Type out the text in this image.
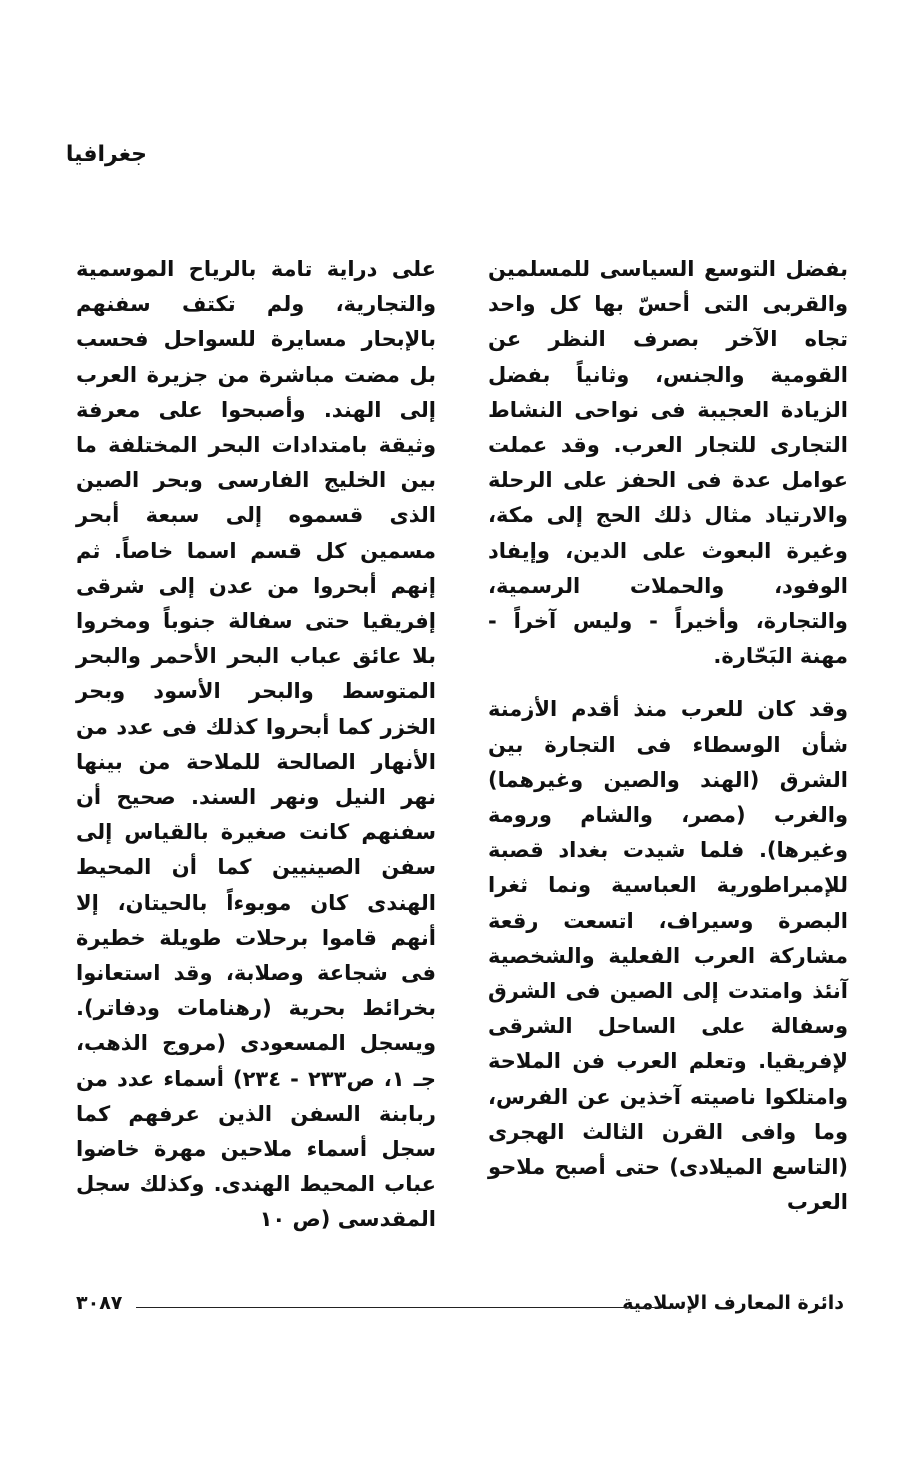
جغرافيا

بفضل التوسع السياسى للمسلمين والقربى التى أحسّ بها كل واحد تجاه الآخر بصرف النظر عن القومية والجنس، وثانياً بفضل الزيادة العجيبة فى نواحى النشاط التجارى للتجار العرب. وقد عملت عوامل عدة فى الحفز على الرحلة والارتياد مثال ذلك الحج إلى مكة، وغيرة البعوث على الدين، وإيفاد الوفود، والحملات الرسمية، والتجارة، وأخيراً - وليس آخراً - مهنة البَحّارة.

وقد كان للعرب منذ أقدم الأزمنة شأن الوسطاء فى التجارة بين الشرق (الهند والصين وغيرهما) والغرب (مصر، والشام ورومة وغيرها). فلما شيدت بغداد قصبة للإمبراطورية العباسية ونما ثغرا البصرة وسيراف، اتسعت رقعة مشاركة العرب الفعلية والشخصية آنئذ وامتدت إلى الصين فى الشرق وسفالة على الساحل الشرقى لإفريقيا. وتعلم العرب فن الملاحة وامتلكوا ناصيته آخذين عن الفرس، وما وافى القرن الثالث الهجرى (التاسع الميلادى) حتى أصبح ملاحو العرب

على دراية تامة بالرياح الموسمية والتجارية، ولم تكتف سفنهم بالإبحار مسايرة للسواحل فحسب بل مضت مباشرة من جزيرة العرب إلى الهند. وأصبحوا على معرفة وثيقة بامتدادات البحر المختلفة ما بين الخليج الفارسى وبحر الصين الذى قسموه إلى سبعة أبحر مسمين كل قسم اسما خاصاً. ثم إنهم أبحروا من عدن إلى شرقى إفريقيا حتى سفالة جنوباً ومخروا بلا عائق عباب البحر الأحمر والبحر المتوسط والبحر الأسود وبحر الخزر كما أبحروا كذلك فى عدد من الأنهار الصالحة للملاحة من بينها نهر النيل ونهر السند. صحيح أن سفنهم كانت صغيرة بالقياس إلى سفن الصينيين كما أن المحيط الهندى كان موبوءاً بالحيتان، إلا أنهم قاموا برحلات طويلة خطيرة فى شجاعة وصلابة، وقد استعانوا بخرائط بحرية (رهنامات ودفاتر). ويسجل المسعودى (مروج الذهب، جـ ١، ص٢٣٣ - ٢٣٤) أسماء عدد من ربابنة السفن الذين عرفهم كما سجل أسماء ملاحين مهرة خاضوا عباب المحيط الهندى. وكذلك سجل المقدسى (ص ١٠

دائرة المعارف الإسلامية
٣٠٨٧
